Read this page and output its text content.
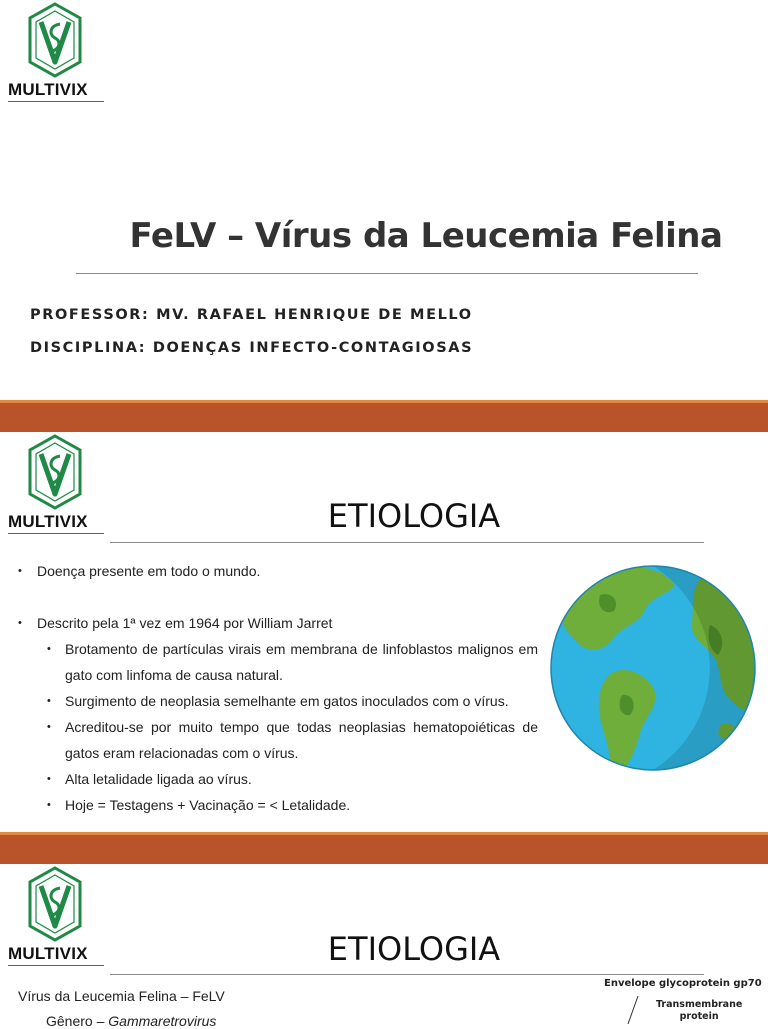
MULTIVIX
FeLV – Vírus da Leucemia Felina
PROFESSOR: MV. RAFAEL HENRIQUE DE MELLO
DISCIPLINA: DOENÇAS INFECTO-CONTAGIOSAS
MULTIVIX	ETIOLOGIA
• Doença presente em todo o mundo.
• Descrito pela 1ª vez em 1964 por William Jarret
• Brotamento de partículas virais em membrana de linfoblastos malignos em gato com linfoma de causa natural.
• Surgimento de neoplasia semelhante em gatos inoculados com o vírus.
• Acreditou-se por muito tempo que todas neoplasias hematopoiéticas de gatos eram relacionadas com o vírus.
• Alta letalidade ligada ao vírus.
• Hoje = Testagens + Vacinação = < Letalidade.
MULTIVIX	ETIOLOGIA
Vírus da Leucemia Felina – FeLV
Gênero – Gammaretrovirus
Envelope glycoprotein gp70
Transmembrane
protein
